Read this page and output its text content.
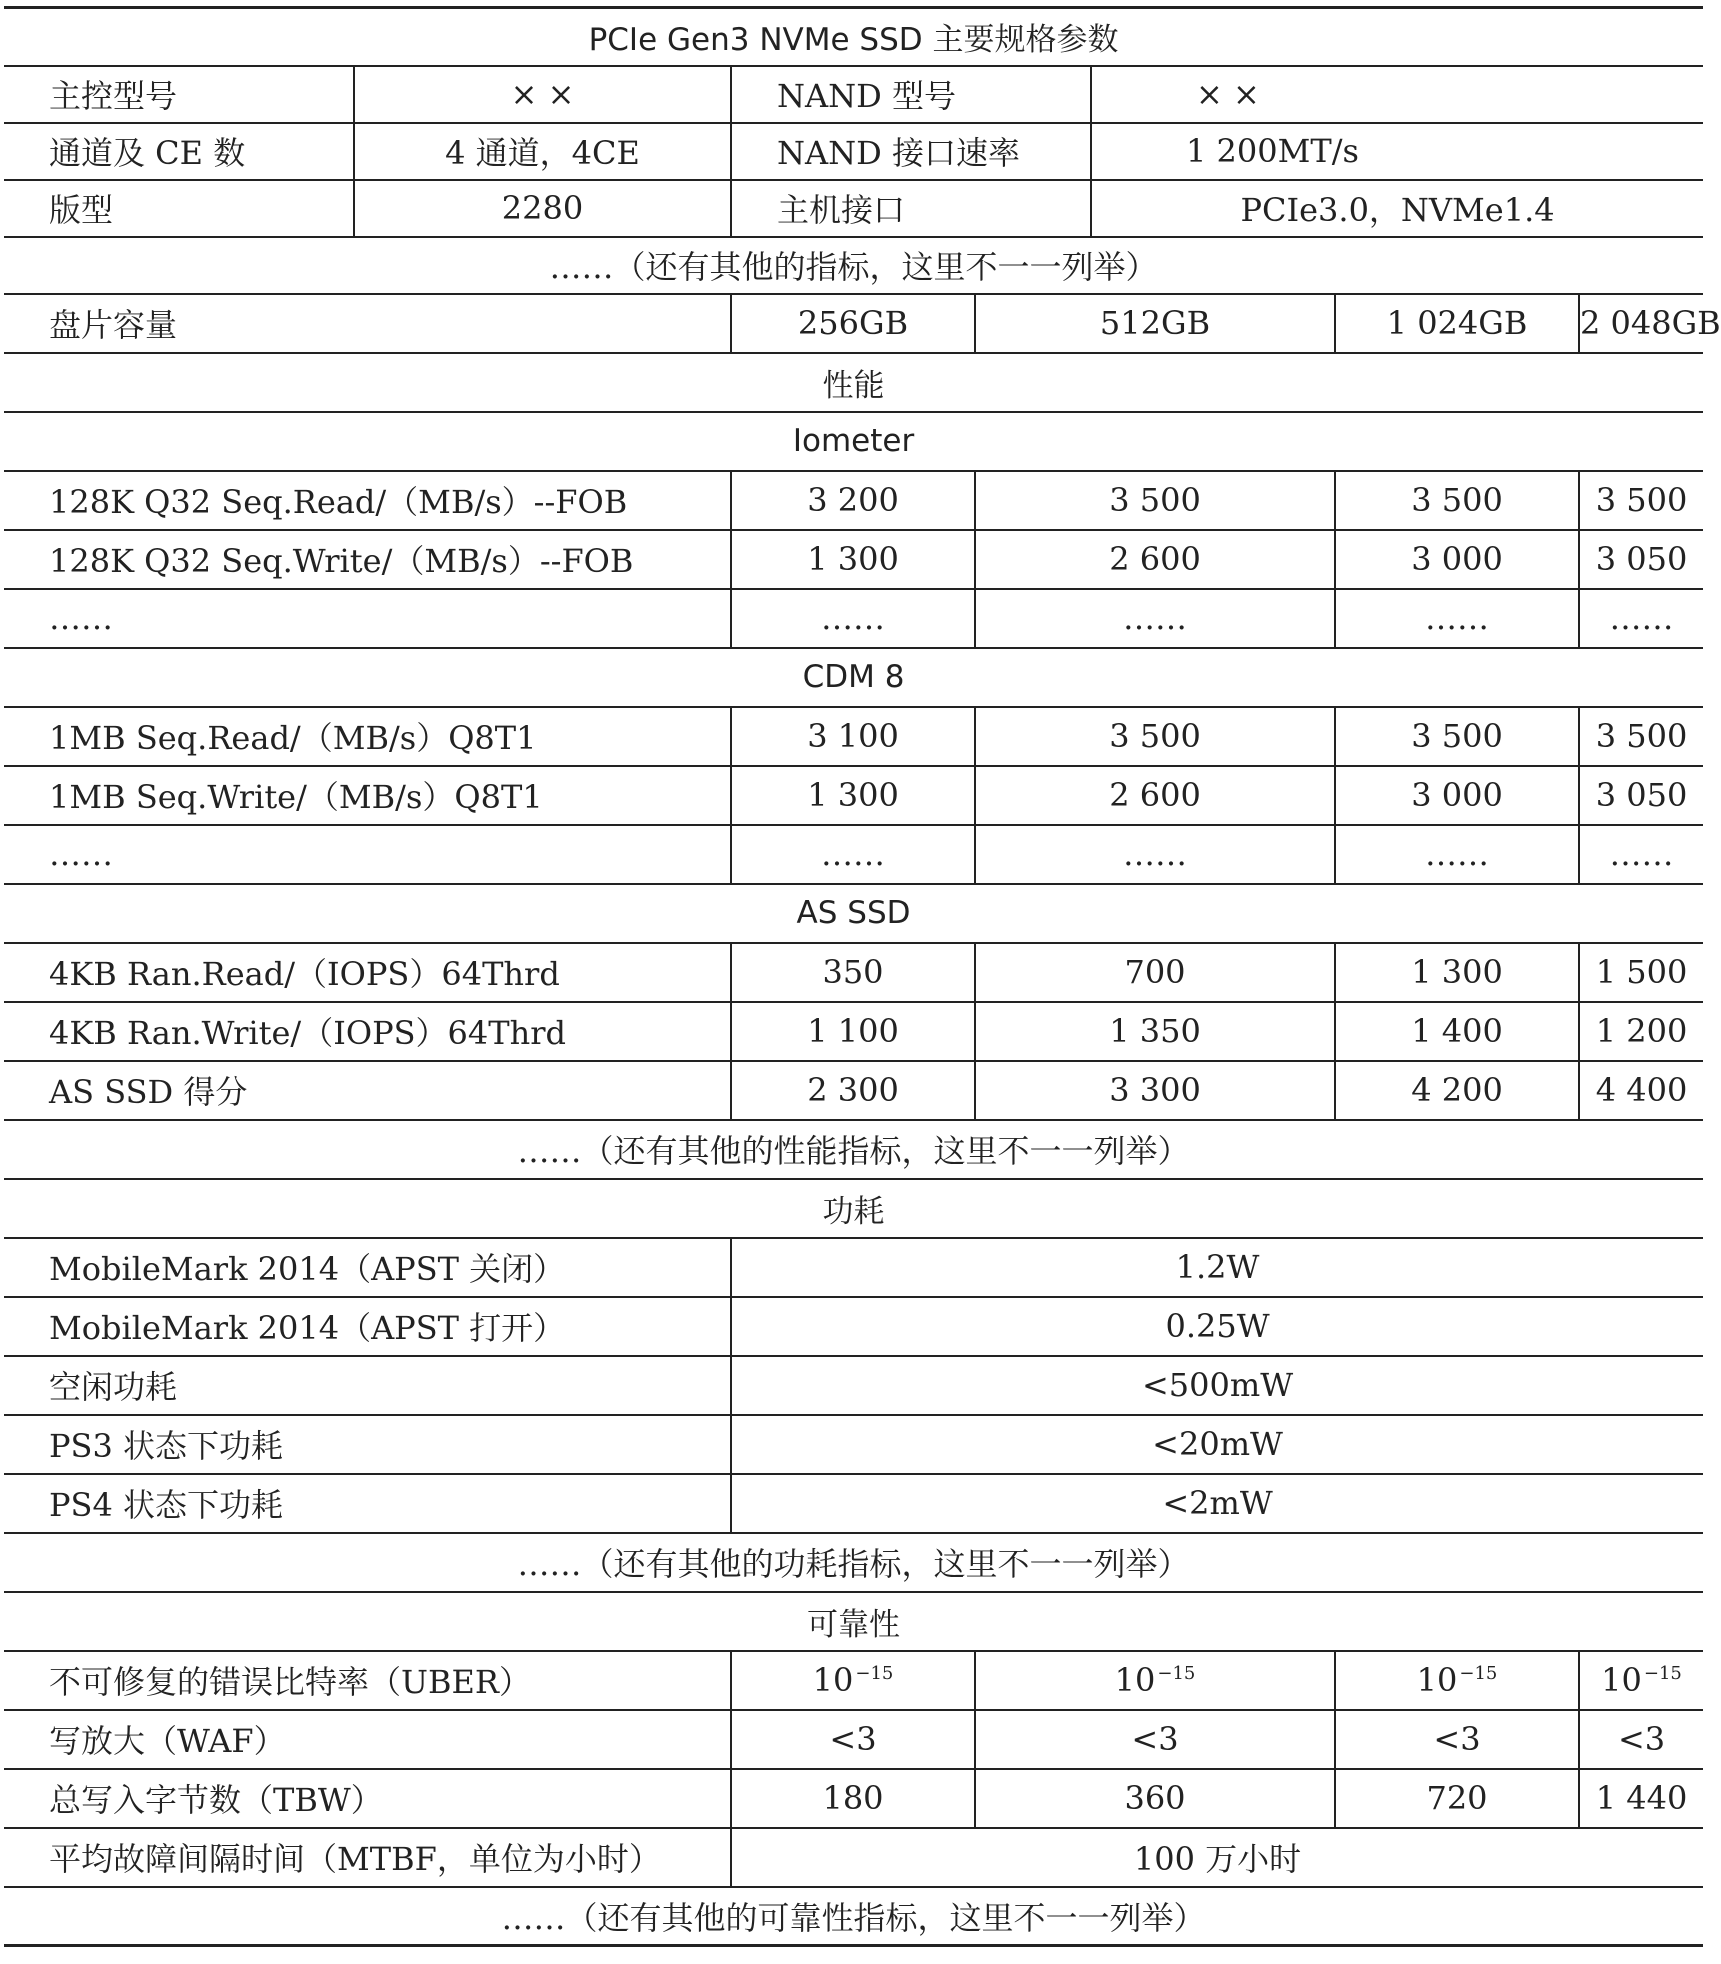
PCIe Gen3 NVMe SSD 主要规格参数						
主控型号	× ×	NAND 型号		× ×		
通道及 CE 数	4 通道，4CE	NAND 接口速率		1 200MT/s		
版型	2280	主机接口		PCIe3.0，NVMe1.4		
……（还有其他的指标，这里不一一列举）						
盘片容量		256GB	512GB		1 024GB	2 048GB
性能						
Iometer						
128K Q32 Seq.Read/（MB/s）--FOB		3 200	3 500		3 500	3 500
128K Q32 Seq.Write/（MB/s）--FOB		1 300	2 600		3 000	3 050
……		……	……		……	……
CDM 8						
1MB Seq.Read/（MB/s）Q8T1		3 100	3 500		3 500	3 500
1MB Seq.Write/（MB/s）Q8T1		1 300	2 600		3 000	3 050
……		……	……		……	……
AS SSD						
4KB Ran.Read/（IOPS）64Thrd		350	700		1 300	1 500
4KB Ran.Write/（IOPS）64Thrd		1 100	1 350		1 400	1 200
AS SSD 得分		2 300	3 300		4 200	4 400
……（还有其他的性能指标，这里不一一列举）						
功耗						
MobileMark 2014（APST 关闭）		1.2W				
MobileMark 2014（APST 打开）		0.25W				
空闲功耗		<500mW				
PS3 状态下功耗		<20mW				
PS4 状态下功耗		<2mW				
……（还有其他的功耗指标，这里不一一列举）						
可靠性						
不可修复的错误比特率（UBER）		10 $^{-15}$	10 $^{-15}$		10 $^{-15}$	10 $^{-15}$
写放大（WAF）		<3	<3		<3	<3
总写入字节数（TBW）		180	360		720	1 440
平均故障间隔时间（MTBF，单位为小时）		100 万小时				
……（还有其他的可靠性指标，这里不一一列举）						
